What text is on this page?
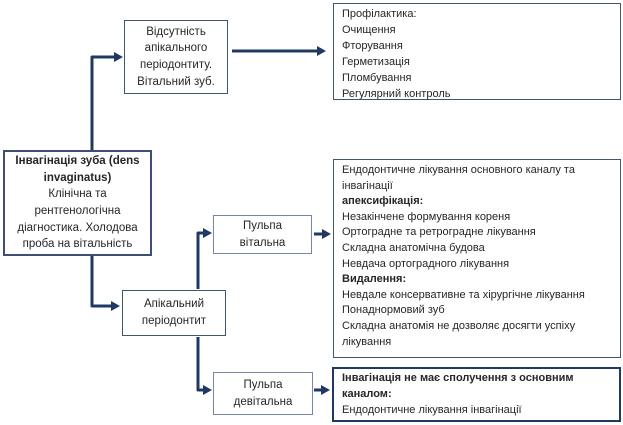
Інвагінація зуба (dens invaginatus)
Клінічна та рентгенологічна діагностика. Холодова проба на вітальність
Відсутність апікального періодонтиту. Вітальний зуб.
Профілактика:
Очищення
Фторування
Герметизація
Пломбування
Регулярний контроль
Апікальний періодонтит
Пульпа вітальна
Ендодонтичне лікування основного каналу та інвагінації
апексифікація:
Незакінчене формування кореня
Ортоградне та ретроградне лікування
Складна анатомічна будова
Невдача ортоградного лікування
Видалення:
Невдале консервативне та хірургічне лікування
Понаднормовий зуб
Складна анатомія не дозволяє досягти успіху лікування
Пульпа девітальна
Інвагінація не має сполучення з основним каналом:
Ендодонтичне лікування інвагінації
